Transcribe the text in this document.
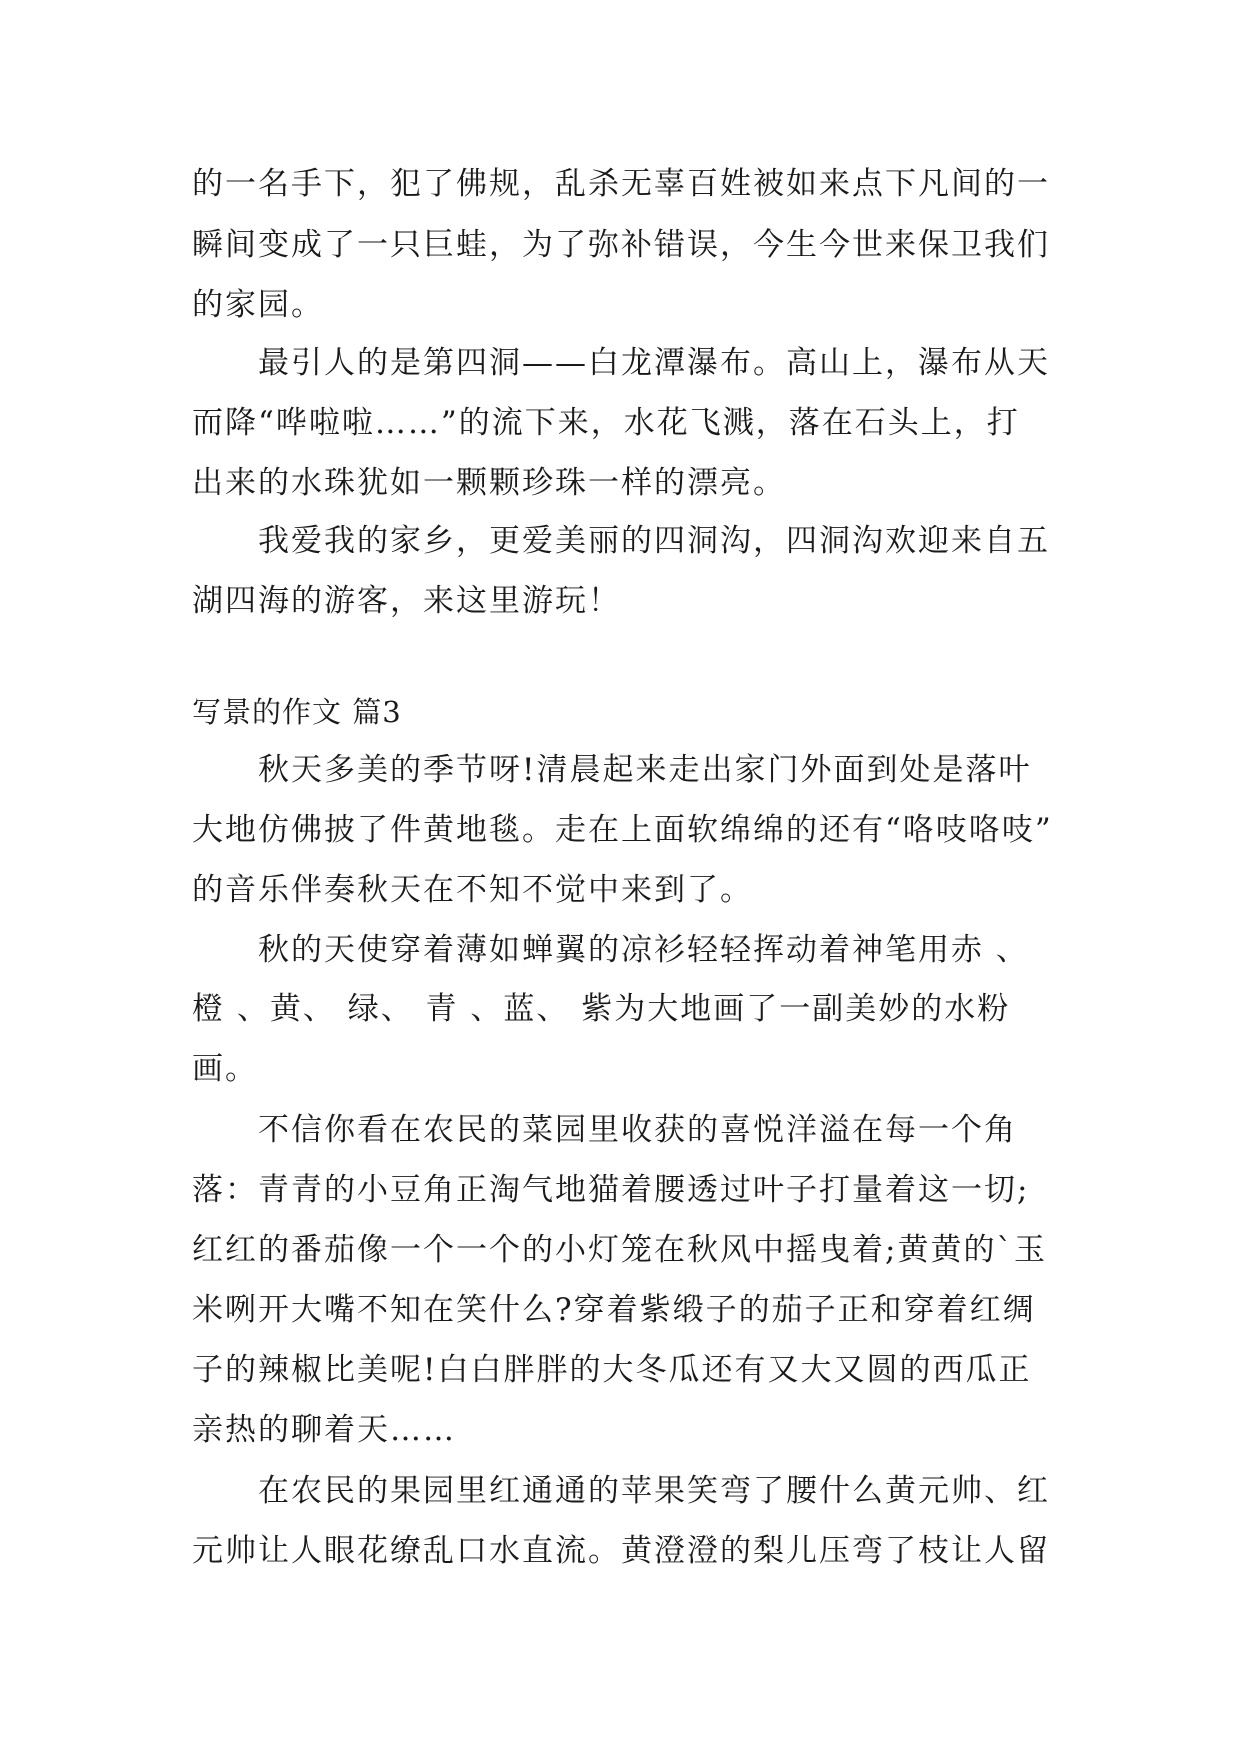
的一名手下，犯了佛规，乱杀无辜百姓被如来点下凡间的一
瞬间变成了一只巨蛙，为了弥补错误，今生今世来保卫我们
的家园。
　　最引人的是第四洞——白龙潭瀑布。高山上，瀑布从天
而降“哗啦啦……”的流下来，水花飞溅，落在石头上，打
出来的水珠犹如一颗颗珍珠一样的漂亮。
　　我爱我的家乡，更爱美丽的四洞沟，四洞沟欢迎来自五
湖四海的游客，来这里游玩！
写景的作文 篇3
　　秋天多美的季节呀!清晨起来走出家门外面到处是落叶
大地仿佛披了件黄地毯。走在上面软绵绵的还有“咯吱咯吱”
的音乐伴奏秋天在不知不觉中来到了。
　　秋的天使穿着薄如蝉翼的凉衫轻轻挥动着神笔用赤 、
橙 、黄、 绿、 青 、蓝、 紫为大地画了一副美妙的水粉
画。
　　不信你看在农民的菜园里收获的喜悦洋溢在每一个角
落：青青的小豆角正淘气地猫着腰透过叶子打量着这一切;
红红的番茄像一个一个的小灯笼在秋风中摇曳着;黄黄的`玉
米咧开大嘴不知在笑什么?穿着紫缎子的茄子正和穿着红绸
子的辣椒比美呢!白白胖胖的大冬瓜还有又大又圆的西瓜正
亲热的聊着天……
　　在农民的果园里红通通的苹果笑弯了腰什么黄元帅、红
元帅让人眼花缭乱口水直流。黄澄澄的梨儿压弯了枝让人留
